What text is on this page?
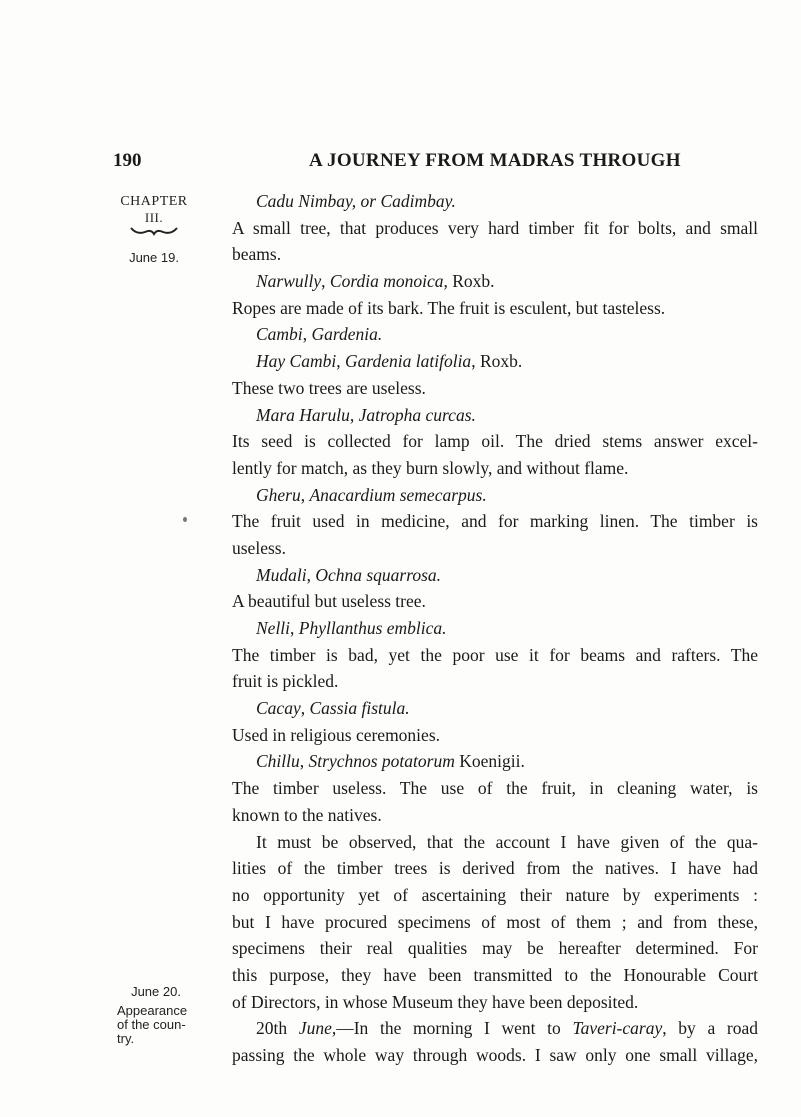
190	A JOURNEY FROM MADRAS THROUGH
CHAPTER
III.
June 19.
June 20.
Appearance
of the coun-
try.
Cadu Nimbay, or Cadimbay.
A small tree, that produces very hard timber fit for bolts, and small
beams.
Narwully, Cordia monoica, Roxb.
Ropes are made of its bark. The fruit is esculent, but tasteless.
Cambi, Gardenia.
Hay Cambi, Gardenia latifolia, Roxb.
These two trees are useless.
Mara Harulu, Jatropha curcas.
Its seed is collected for lamp oil. The dried stems answer excel-
lently for match, as they burn slowly, and without flame.
Gheru, Anacardium semecarpus.
The fruit used in medicine, and for marking linen. The timber is
useless.
Mudali, Ochna squarrosa.
A beautiful but useless tree.
Nelli, Phyllanthus emblica.
The timber is bad, yet the poor use it for beams and rafters. The
fruit is pickled.
Cacay, Cassia fistula.
Used in religious ceremonies.
Chillu, Strychnos potatorum Koenigii.
The timber useless. The use of the fruit, in cleaning water, is
known to the natives.
It must be observed, that the account I have given of the qua-
lities of the timber trees is derived from the natives. I have had
no opportunity yet of ascertaining their nature by experiments :
but I have procured specimens of most of them ; and from these,
specimens their real qualities may be hereafter determined. For
this purpose, they have been transmitted to the Honourable Court
of Directors, in whose Museum they have been deposited.
20th June,—In the morning I went to Taveri-caray, by a road
passing the whole way through woods. I saw only one small village,
